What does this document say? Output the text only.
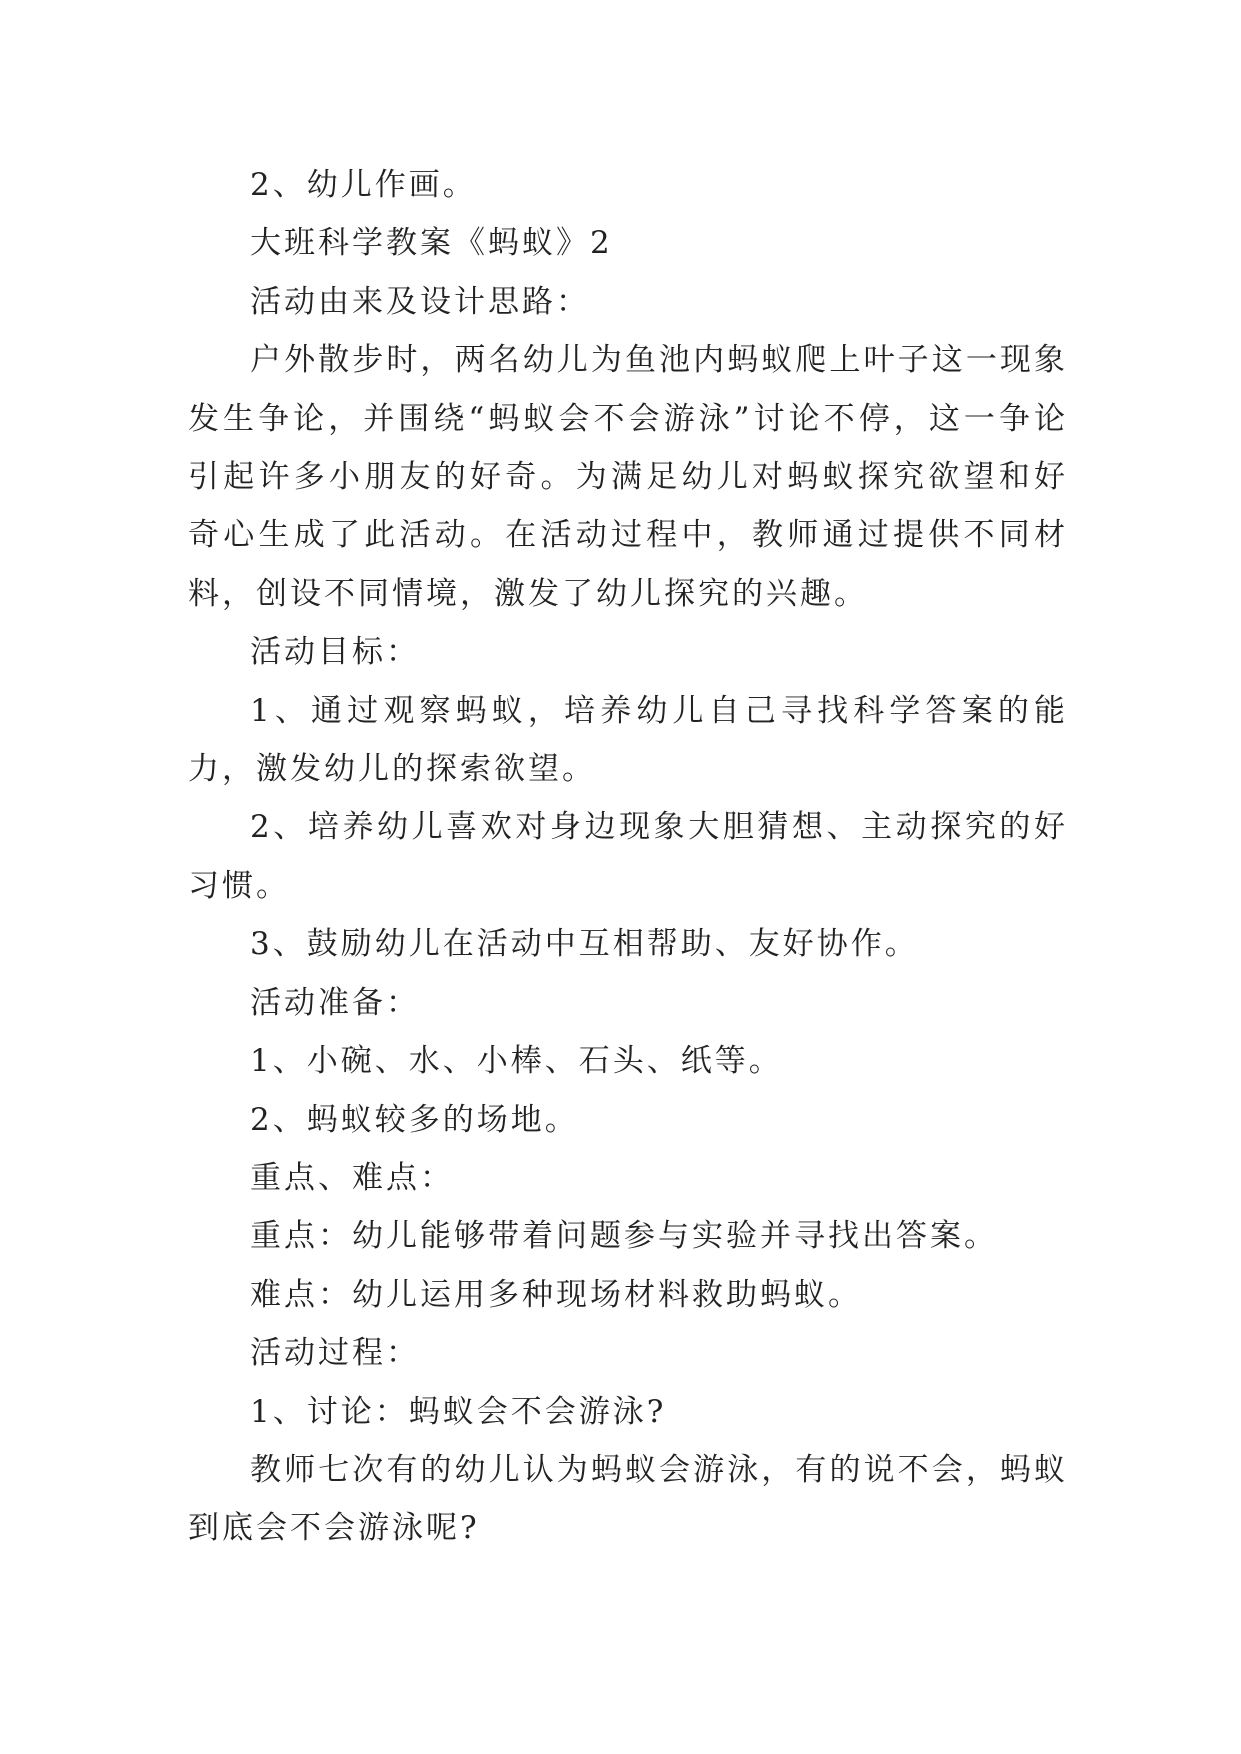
2、幼儿作画。

大班科学教案《蚂蚁》2

活动由来及设计思路：

户外散步时，两名幼儿为鱼池内蚂蚁爬上叶子这一现象发生争论，并围绕“蚂蚁会不会游泳”讨论不停，这一争论引起许多小朋友的好奇。为满足幼儿对蚂蚁探究欲望和好奇心生成了此活动。在活动过程中，教师通过提供不同材料，创设不同情境，激发了幼儿探究的兴趣。

活动目标：

1、通过观察蚂蚁，培养幼儿自己寻找科学答案的能力，激发幼儿的探索欲望。

2、培养幼儿喜欢对身边现象大胆猜想、主动探究的好习惯。

3、鼓励幼儿在活动中互相帮助、友好协作。

活动准备：

1、小碗、水、小棒、石头、纸等。

2、蚂蚁较多的场地。

重点、难点：

重点：幼儿能够带着问题参与实验并寻找出答案。

难点：幼儿运用多种现场材料救助蚂蚁。

活动过程：

1、讨论：蚂蚁会不会游泳?

教师七次有的幼儿认为蚂蚁会游泳，有的说不会，蚂蚁到底会不会游泳呢?
